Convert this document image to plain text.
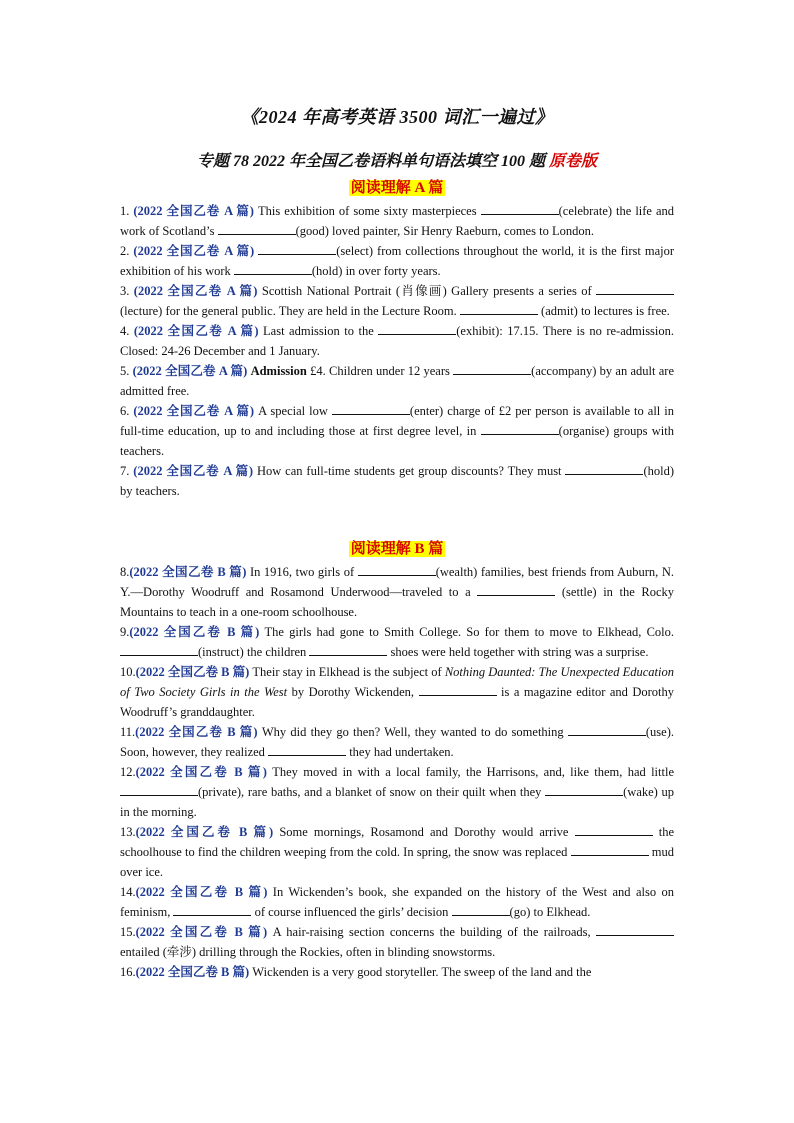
《2024 年高考英语 3500 词汇一遍过》
专题 78 2022 年全国乙卷语料单句语法填空 100 题 原卷版
阅读理解 A 篇

1. (2022 全国乙卷 A 篇) This exhibition of some sixty masterpieces	(celebrate) the life and work of Scotland’s	(good) loved painter, Sir Henry Raeburn, comes to London.

2. (2022 全国乙卷 A 篇)	(select) from collections throughout the world, it is the first major exhibition of his work	(hold) in over forty years.

3. (2022 全国乙卷 A 篇) Scottish National Portrait (肖像画) Gallery presents a series of  (lecture) for the general public. They are held in the Lecture Room.	(admit) to lectures is free.

4. (2022 全国乙卷 A 篇) Last admission to the	(exhibit): 17.15. There is no re-admission. Closed: 24-26 December and 1 January.

5. (2022 全国乙卷 A 篇) Admission £4. Children under 12 years	(accompany) by an adult are admitted free.

6. (2022 全国乙卷 A 篇) A special low	(enter) charge of £2 per person is available to all in full-time education, up to and including those at first degree level, in	(organise) groups with teachers.

7. (2022 全国乙卷 A 篇) How can full-time students get group discounts? They must	(hold) by teachers.

阅读理解 B 篇

8.(2022 全国乙卷 B 篇) In 1916, two girls of	(wealth) families, best friends from Auburn, N. Y.—Dorothy Woodruff and Rosamond Underwood—traveled to a	(settle) in the Rocky Mountains to teach in a one-room schoolhouse.

9.(2022 全国乙卷 B 篇) The girls had gone to Smith College. So for them to move to Elkhead, Colo. (instruct) the children	shoes were held together with string was a surprise.

10.(2022 全国乙卷 B 篇) Their stay in Elkhead is the subject of Nothing Daunted: The Unexpected Education of Two Society Girls in the West by Dorothy Wickenden,	is a magazine editor and Dorothy Woodruff’s granddaughter.

11.(2022 全国乙卷 B 篇) Why did they go then? Well, they wanted to do something	(use). Soon, however, they realized	they had undertaken.

12.(2022 全国乙卷 B 篇) They moved in with a local family, the Harrisons, and, like them, had little (private), rare baths, and a blanket of snow on their quilt when they	(wake) up in the morning.

13.(2022 全国乙卷 B 篇) Some mornings, Rosamond and Dorothy would arrive	the schoolhouse to find the children weeping from the cold. In spring, the snow was replaced	mud over ice.

14.(2022 全国乙卷 B 篇) In Wickenden’s book, she expanded on the history of the West and also on feminism,	of course influenced the girls’ decision	(go) to Elkhead.

15.(2022 全国乙卷 B 篇) A hair-raising section concerns the building of the railroads,  entailed (牵涉) drilling through the Rockies, often in blinding snowstorms.

16.(2022 全国乙卷 B 篇) Wickenden is a very good storyteller. The sweep of the land and the
